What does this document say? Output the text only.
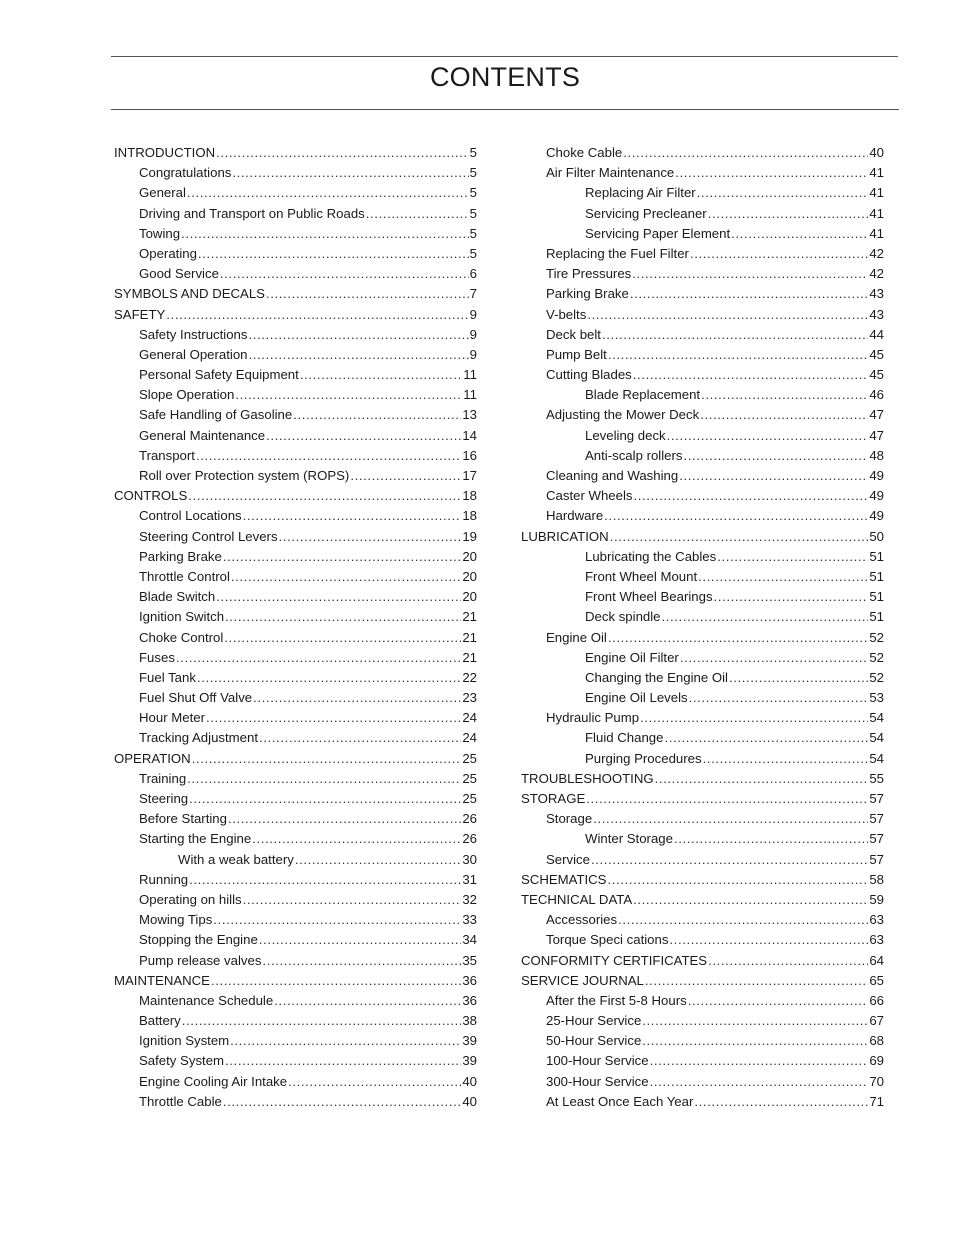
CONTENTS
INTRODUCTION .....	5
Congratulations .....	5
General .....	5
Driving and Transport on Public Roads .....	5
Towing .....	5
Operating .....	5
Good Service .....	6
SYMBOLS AND DECALS .....	7
SAFETY .....	9
Safety Instructions .....	9
General Operation .....	9
Personal Safety Equipment .....	11
Slope Operation .....	11
Safe Handling of Gasoline .....	13
General Maintenance .....	14
Transport .....	16
Roll over Protection system (ROPS) .....	17
CONTROLS .....	18
Control Locations .....	18
Steering Control Levers .....	19
Parking Brake .....	20
Throttle Control .....	20
Blade Switch .....	20
Ignition Switch .....	21
Choke Control .....	21
Fuses .....	21
Fuel Tank .....	22
Fuel Shut Off Valve .....	23
Hour Meter .....	24
Tracking Adjustment .....	24
OPERATION .....	25
Training .....	25
Steering .....	25
Before Starting .....	26
Starting the Engine .....	26
With a weak battery .....	30
Running .....	31
Operating on hills .....	32
Mowing Tips .....	33
Stopping the Engine .....	34
Pump release valves .....	35
MAINTENANCE .....	36
Maintenance Schedule .....	36
Battery .....	38
Ignition System .....	39
Safety System .....	39
Engine Cooling Air Intake .....	40
Throttle Cable .....	40
Choke Cable .....	40
Air Filter Maintenance .....	41
Replacing Air Filter .....	41
Servicing Precleaner .....	41
Servicing Paper Element .....	41
Replacing the Fuel Filter .....	42
Tire Pressures .....	42
Parking Brake .....	43
V-belts .....	43
Deck belt .....	44
Pump Belt .....	45
Cutting Blades .....	45
Blade Replacement .....	46
Adjusting the Mower Deck .....	47
Leveling deck .....	47
Anti-scalp rollers .....	48
Cleaning and Washing .....	49
Caster Wheels .....	49
Hardware .....	49
LUBRICATION .....	50
Lubricating the Cables .....	51
Front Wheel Mount .....	51
Front Wheel Bearings .....	51
Deck spindle .....	51
Engine Oil .....	52
Engine Oil Filter .....	52
Changing the Engine Oil .....	52
Engine Oil Levels .....	53
Hydraulic Pump .....	54
Fluid Change .....	54
Purging Procedures .....	54
TROUBLESHOOTING .....	55
STORAGE .....	57
Storage .....	57
Winter Storage .....	57
Service .....	57
SCHEMATICS .....	58
TECHNICAL DATA .....	59
Accessories .....	63
Torque Speci cations .....	63
CONFORMITY CERTIFICATES .....	64
SERVICE JOURNAL .....	65
After the First 5-8 Hours .....	66
25-Hour Service .....	67
50-Hour Service .....	68
100-Hour Service .....	69
300-Hour Service .....	70
At Least Once Each Year .....	71
